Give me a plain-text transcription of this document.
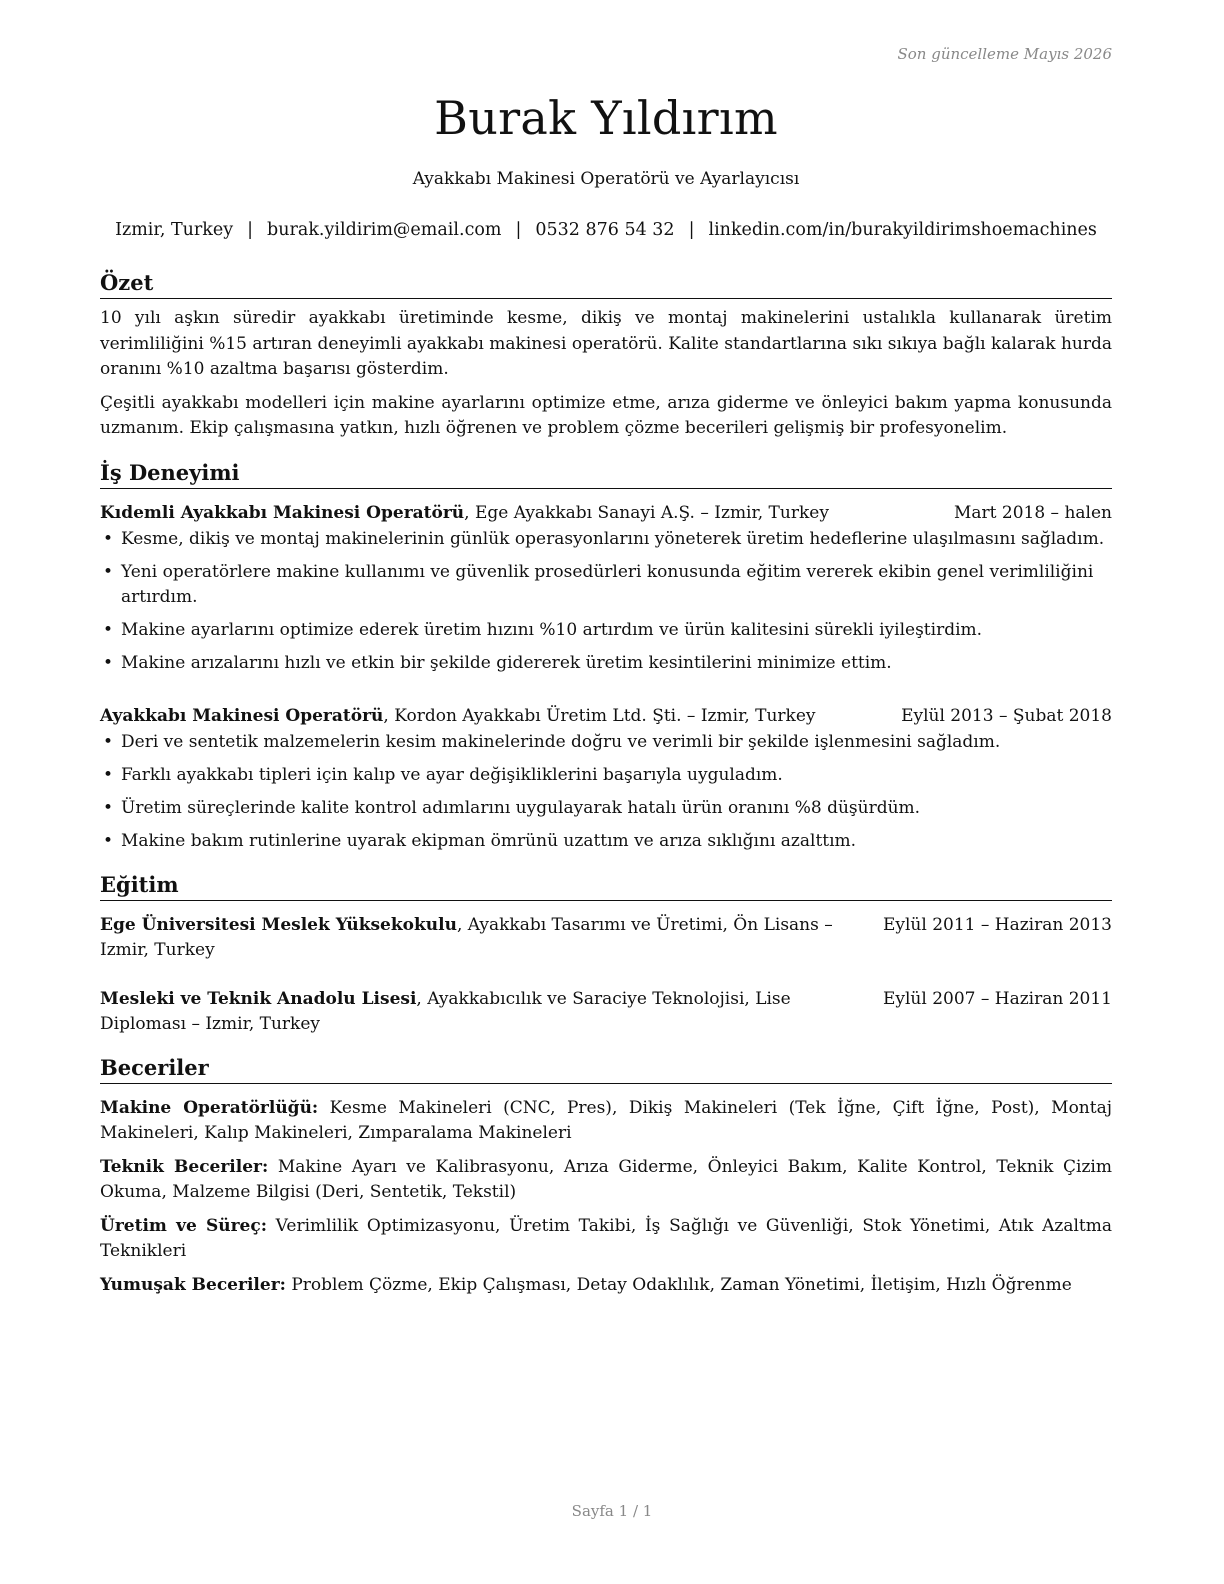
Son güncelleme Mayıs 2026
Burak Yıldırım
Ayakkabı Makinesi Operatörü ve Ayarlayıcısı
Izmir, Turkey | burak.yildirim@email.com | 0532 876 54 32 | linkedin.com/in/burakyildirimshoemachines
Özet

10 yılı aşkın süredir ayakkabı üretiminde kesme, dikiş ve montaj makinelerini ustalıkla kullanarak üretim verimliliğini %15 artıran deneyimli ayakkabı makinesi operatörü. Kalite standartlarına sıkı sıkıya bağlı kalarak hurda oranını %10 azaltma başarısı gösterdim.

Çeşitli ayakkabı modelleri için makine ayarlarını optimize etme, arıza giderme ve önleyici bakım yapma konusunda uzmanım. Ekip çalışmasına yatkın, hızlı öğrenen ve problem çözme becerileri gelişmiş bir profesyonelim.

İş Deneyimi
Kıdemli Ayakkabı Makinesi Operatörü, Ege Ayakkabı Sanayi A.Ş. – Izmir, Turkey	Mart 2018 – halen
• Kesme, dikiş ve montaj makinelerinin günlük operasyonlarını yöneterek üretim hedeflerine ulaşılmasını sağladım.
• Yeni operatörlere makine kullanımı ve güvenlik prosedürleri konusunda eğitim vererek ekibin genel verimliliğini artırdım.
• Makine ayarlarını optimize ederek üretim hızını %10 artırdım ve ürün kalitesini sürekli iyileştirdim.
• Makine arızalarını hızlı ve etkin bir şekilde gidererek üretim kesintilerini minimize ettim.
Ayakkabı Makinesi Operatörü, Kordon Ayakkabı Üretim Ltd. Şti. – Izmir, Turkey	Eylül 2013 – Şubat 2018
• Deri ve sentetik malzemelerin kesim makinelerinde doğru ve verimli bir şekilde işlenmesini sağladım.
• Farklı ayakkabı tipleri için kalıp ve ayar değişikliklerini başarıyla uyguladım.
• Üretim süreçlerinde kalite kontrol adımlarını uygulayarak hatalı ürün oranını %8 düşürdüm.
• Makine bakım rutinlerine uyarak ekipman ömrünü uzattım ve arıza sıklığını azalttım.
Eğitim
Ege Üniversitesi Meslek Yüksekokulu, Ayakkabı Tasarımı ve Üretimi, Ön Lisans – Izmir, Turkey
Eylül 2011 – Haziran 2013
Mesleki ve Teknik Anadolu Lisesi, Ayakkabıcılık ve Saraciye Teknolojisi, Lise Diploması – Izmir, Turkey
Eylül 2007 – Haziran 2011
Beceriler
Makine Operatörlüğü: Kesme Makineleri (CNC, Pres), Dikiş Makineleri (Tek İğne, Çift İğne, Post), Montaj Makineleri, Kalıp Makineleri, Zımparalama Makineleri
Teknik Beceriler: Makine Ayarı ve Kalibrasyonu, Arıza Giderme, Önleyici Bakım, Kalite Kontrol, Teknik Çizim Okuma, Malzeme Bilgisi (Deri, Sentetik, Tekstil)
Üretim ve Süreç: Verimlilik Optimizasyonu, Üretim Takibi, İş Sağlığı ve Güvenliği, Stok Yönetimi, Atık Azaltma Teknikleri
Yumuşak Beceriler: Problem Çözme, Ekip Çalışması, Detay Odaklılık, Zaman Yönetimi, İletişim, Hızlı Öğrenme
Sayfa 1 / 1
